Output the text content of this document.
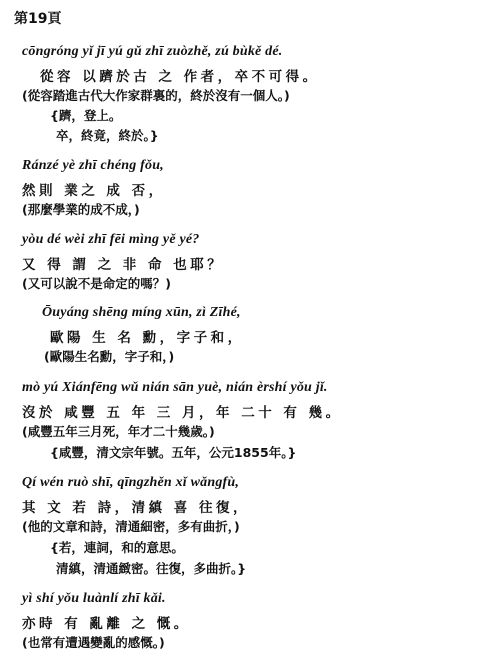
第19頁
cōngróng yǐ jī yú gǔ zhī zuòzhě, zú bùkě dé.
從容 以躋於古 之 作者，卒不可得。
(從容踏進古代大作家群裏的，終於沒有一個人。)
{躋，登上。
卒，終竟，終於。}
Ránzé yè zhī chéng fǒu,
然則 業之 成 否，
(那麼學業的成不成，)
yòu dé wèi zhī fēi mìng yě yé?
又 得 謂 之 非 命 也耶？
(又可以說不是命定的嗎？)
Ōuyáng shēng míng xūn, zì Zīhé,
歐陽 生 名 勳，字子和，
(歐陽生名勳，字子和，)
mò yú Xiánfēng wǔ nián sān yuè, nián èrshí yǒu jǐ.
沒於 咸豐 五 年 三 月，年 二十 有 幾。
(咸豐五年三月死，年才二十幾歲。)
{咸豐，清文宗年號。五年，公元1855年。}
Qí wén ruò shī, qīngzhěn xǐ wǎngfù,
其 文 若 詩，清縝 喜 往復，
(他的文章和詩，清通細密，多有曲折，)
{若，連詞，和的意思。
清縝，清通緻密。往復，多曲折。}
yì shí yǒu luànlí zhī kǎi.
亦時 有 亂離 之 慨。
(也常有遭遇變亂的感慨。)
